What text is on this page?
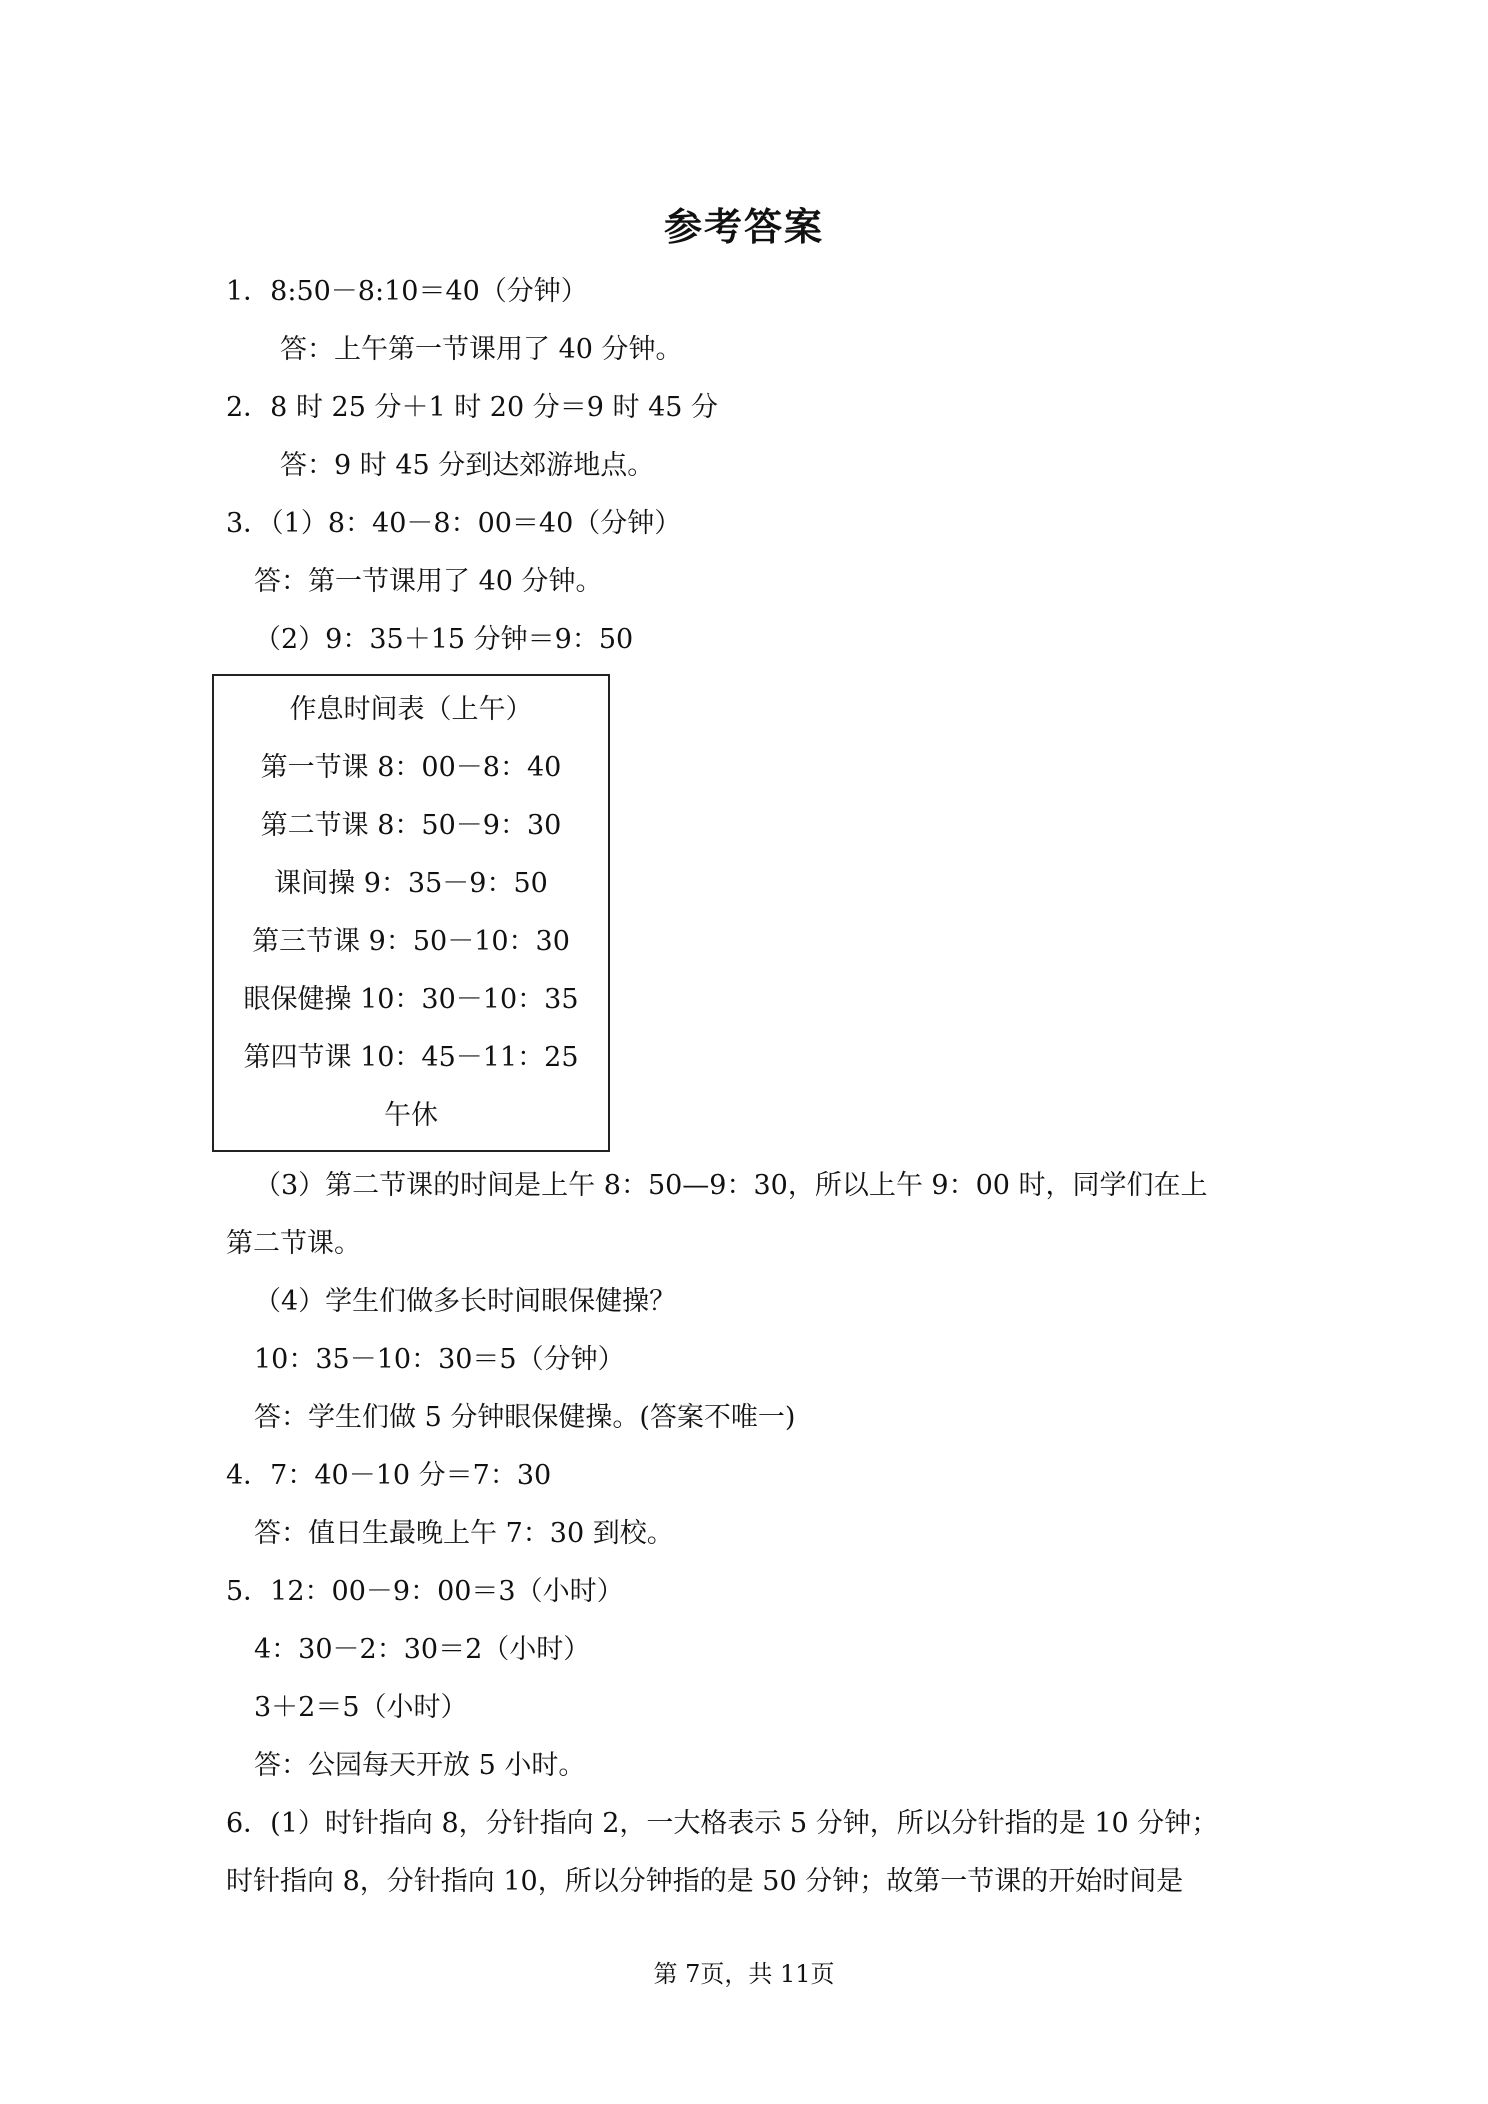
参考答案
1．8:50－8:10＝40（分钟）
答：上午第一节课用了 40 分钟。
2．8 时 25 分＋1 时 20 分＝9 时 45 分
答：9 时 45 分到达郊游地点。
3．（1）8：40－8：00＝40（分钟）
答：第一节课用了 40 分钟。
（2）9：35＋15 分钟＝9：50
作息时间表（上午）
第一节课 8：00－8：40
第二节课 8：50－9：30
课间操 9：35－9：50
第三节课 9：50－10：30
眼保健操 10：30－10：35
第四节课 10：45－11：25
午休
（3）第二节课的时间是上午 8：50—9：30，所以上午 9：00 时，同学们在上
第二节课。
（4）学生们做多长时间眼保健操？
10：35－10：30＝5（分钟）
答：学生们做 5 分钟眼保健操。(答案不唯一)
4．7：40－10 分＝7：30
答：值日生最晚上午 7：30 到校。
5．12：00－9：00＝3（小时）
4：30－2：30＝2（小时）
3＋2＝5（小时）
答：公园每天开放 5 小时。
6．(1）时针指向 8，分针指向 2，一大格表示 5 分钟，所以分针指的是 10 分钟；
时针指向 8，分针指向 10，所以分钟指的是 50 分钟；故第一节课的开始时间是
第 7页，共 11页
